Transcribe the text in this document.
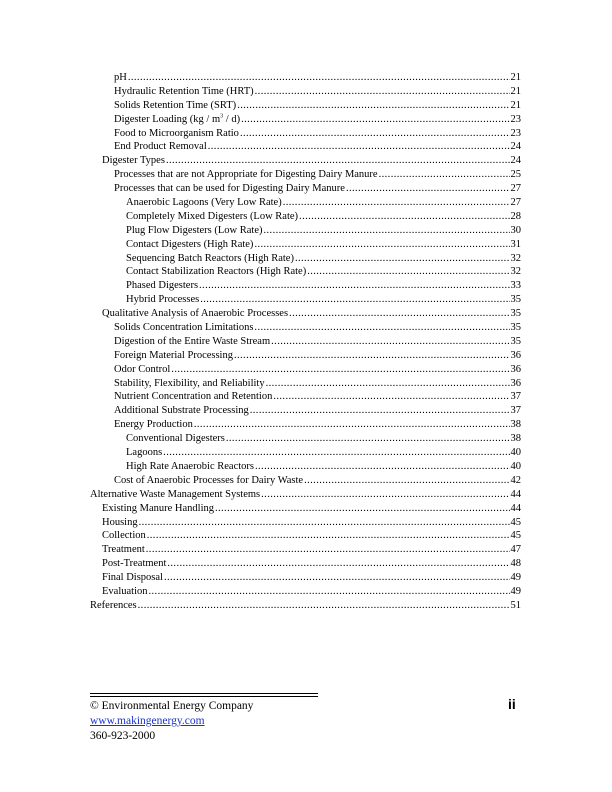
pH .....	21
Hydraulic Retention Time (HRT) .....	21
Solids Retention Time (SRT) .....	21
Digester Loading $(kg / m^3 / d)$ .....	23
Food to Microorganism Ratio .....	23
End Product Removal .....	24
Digester Types .....	24
Processes that are not Appropriate for Digesting Dairy Manure .....	25
Processes that can be used for Digesting Dairy Manure .....	27
Anaerobic Lagoons (Very Low Rate) .....	27
Completely Mixed Digesters (Low Rate) .....	28
Plug Flow Digesters (Low Rate) .....	30
Contact Digesters (High Rate) .....	31
Sequencing Batch Reactors (High Rate) .....	32
Contact Stabilization Reactors (High Rate) .....	32
Phased Digesters .....	33
Hybrid Processes .....	35
Qualitative Analysis of Anaerobic Processes .....	35
Solids Concentration Limitations .....	35
Digestion of the Entire Waste Stream .....	35
Foreign Material Processing .....	36
Odor Control .....	36
Stability, Flexibility, and Reliability .....	36
Nutrient Concentration and Retention .....	37
Additional Substrate Processing .....	37
Energy Production .....	38
Conventional Digesters .....	38
Lagoons .....	40
High Rate Anaerobic Reactors .....	40
Cost of Anaerobic Processes for Dairy Waste .....	42
Alternative Waste Management Systems .....	44
Existing Manure Handling .....	44
Housing .....	45
Collection .....	45
Treatment .....	47
Post-Treatment .....	48
Final Disposal .....	49
Evaluation .....	49
References .....	51
© Environmental Energy Company
www.makingenergy.com
360-923-2000
ii
